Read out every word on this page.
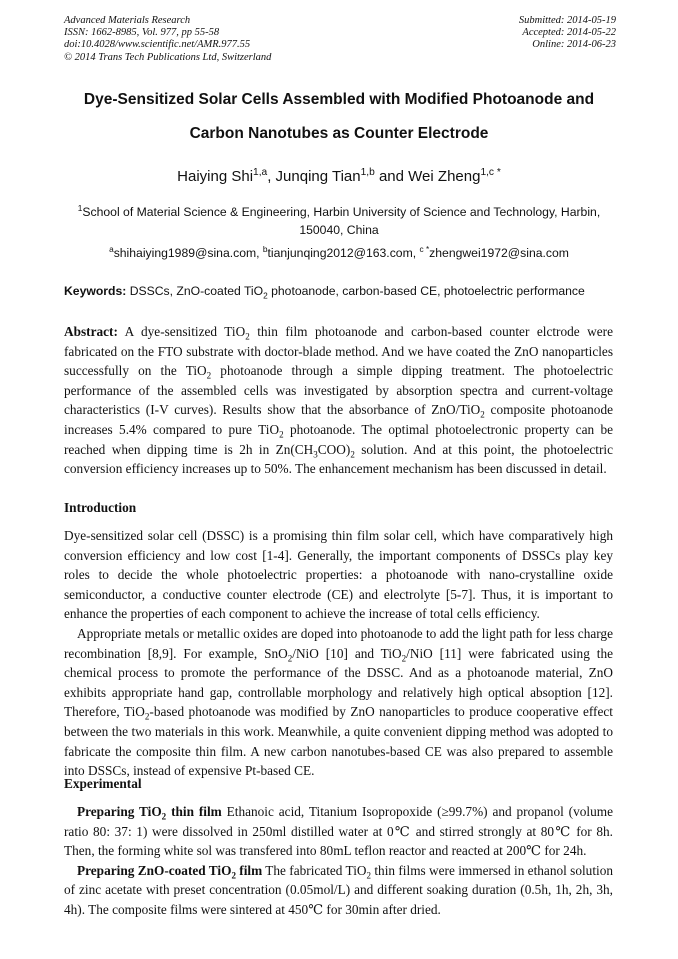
Advanced Materials Research
ISSN: 1662-8985, Vol. 977, pp 55-58
doi:10.4028/www.scientific.net/AMR.977.55
© 2014 Trans Tech Publications Ltd, Switzerland
Submitted: 2014-05-19
Accepted: 2014-05-22
Online: 2014-06-23
Dye-Sensitized Solar Cells Assembled with Modified Photoanode and
Carbon Nanotubes as Counter Electrode
Haiying Shi$^{1,a}$, Junqing Tian$^{1,b}$ and Wei Zheng$^{1,c *}$
$^1$School of Material Science & Engineering, Harbin University of Science and Technology, Harbin, 150040, China
$^a$shihaiying1989@sina.com, $^b$tianjunqing2012@163.com, $^{c *}$zhengwei1972@sina.com
Keywords: DSSCs, ZnO-coated TiO$_2$ photoanode, carbon-based CE, photoelectric performance

Abstract: A dye-sensitized TiO$_2$ thin film photoanode and carbon-based counter elctrode were fabricated on the FTO substrate with doctor-blade method. And we have coated the ZnO nanoparticles successfully on the TiO$_2$ photoanode through a simple dipping treatment. The photoelectric performance of the assembled cells was investigated by absorption spectra and current-voltage characteristics (I-V curves). Results show that the absorbance of ZnO/TiO$_2$ composite photoanode increases 5.4% compared to pure TiO$_2$ photoanode. The optimal photoelectronic property can be reached when dipping time is 2h in $Zn(CH_3COO)_2$ solution. And at this point, the photoelectric conversion efficiency increases up to 50%. The enhancement mechanism has been discussed in detail.

Introduction

Dye-sensitized solar cell (DSSC) is a promising thin film solar cell, which have comparatively high conversion efficiency and low cost [1-4]. Generally, the important components of DSSCs play key roles to decide the whole photoelectric properties: a photoanode with nano-crystalline oxide semiconductor, a conductive counter electrode (CE) and electrolyte [5-7]. Thus, it is important to enhance the properties of each component to achieve the increase of total cells efficiency.

Appropriate metals or metallic oxides are doped into photoanode to add the light path for less charge recombination [8,9]. For example, SnO$_2$/NiO [10] and TiO$_2$/NiO [11] were fabricated using the chemical process to promote the performance of the DSSC. And as a photoanode material, ZnO exhibits appropriate hand gap, controllable morphology and relatively high optical absoption [12]. Therefore, TiO$_2$-based photoanode was modified by ZnO nanoparticles to produce cooperative effect between the two materials in this work. Meanwhile, a quite convenient dipping method was adopted to fabricate the composite thin film. A new carbon nanotubes-based CE was also prepared to assemble into DSSCs, instead of expensive Pt-based CE.

Experimental

Preparing TiO$_2$ thin film Ethanoic acid, Titanium Isopropoxide (≥99.7%) and propanol (volume ratio 80: 37: 1) were dissolved in 250ml distilled water at 0℃ and stirred strongly at 80℃ for 8h. Then, the forming white sol was transfered into 80mL teflon reactor and reacted at 200℃ for 24h.

Preparing ZnO-coated TiO$_2$ film The fabricated TiO$_2$ thin films were immersed in ethanol solution of zinc acetate with preset concentration (0.05mol/L) and different soaking duration (0.5h, 1h, 2h, 3h, 4h). The composite films were sintered at 450℃ for 30min after dried.
